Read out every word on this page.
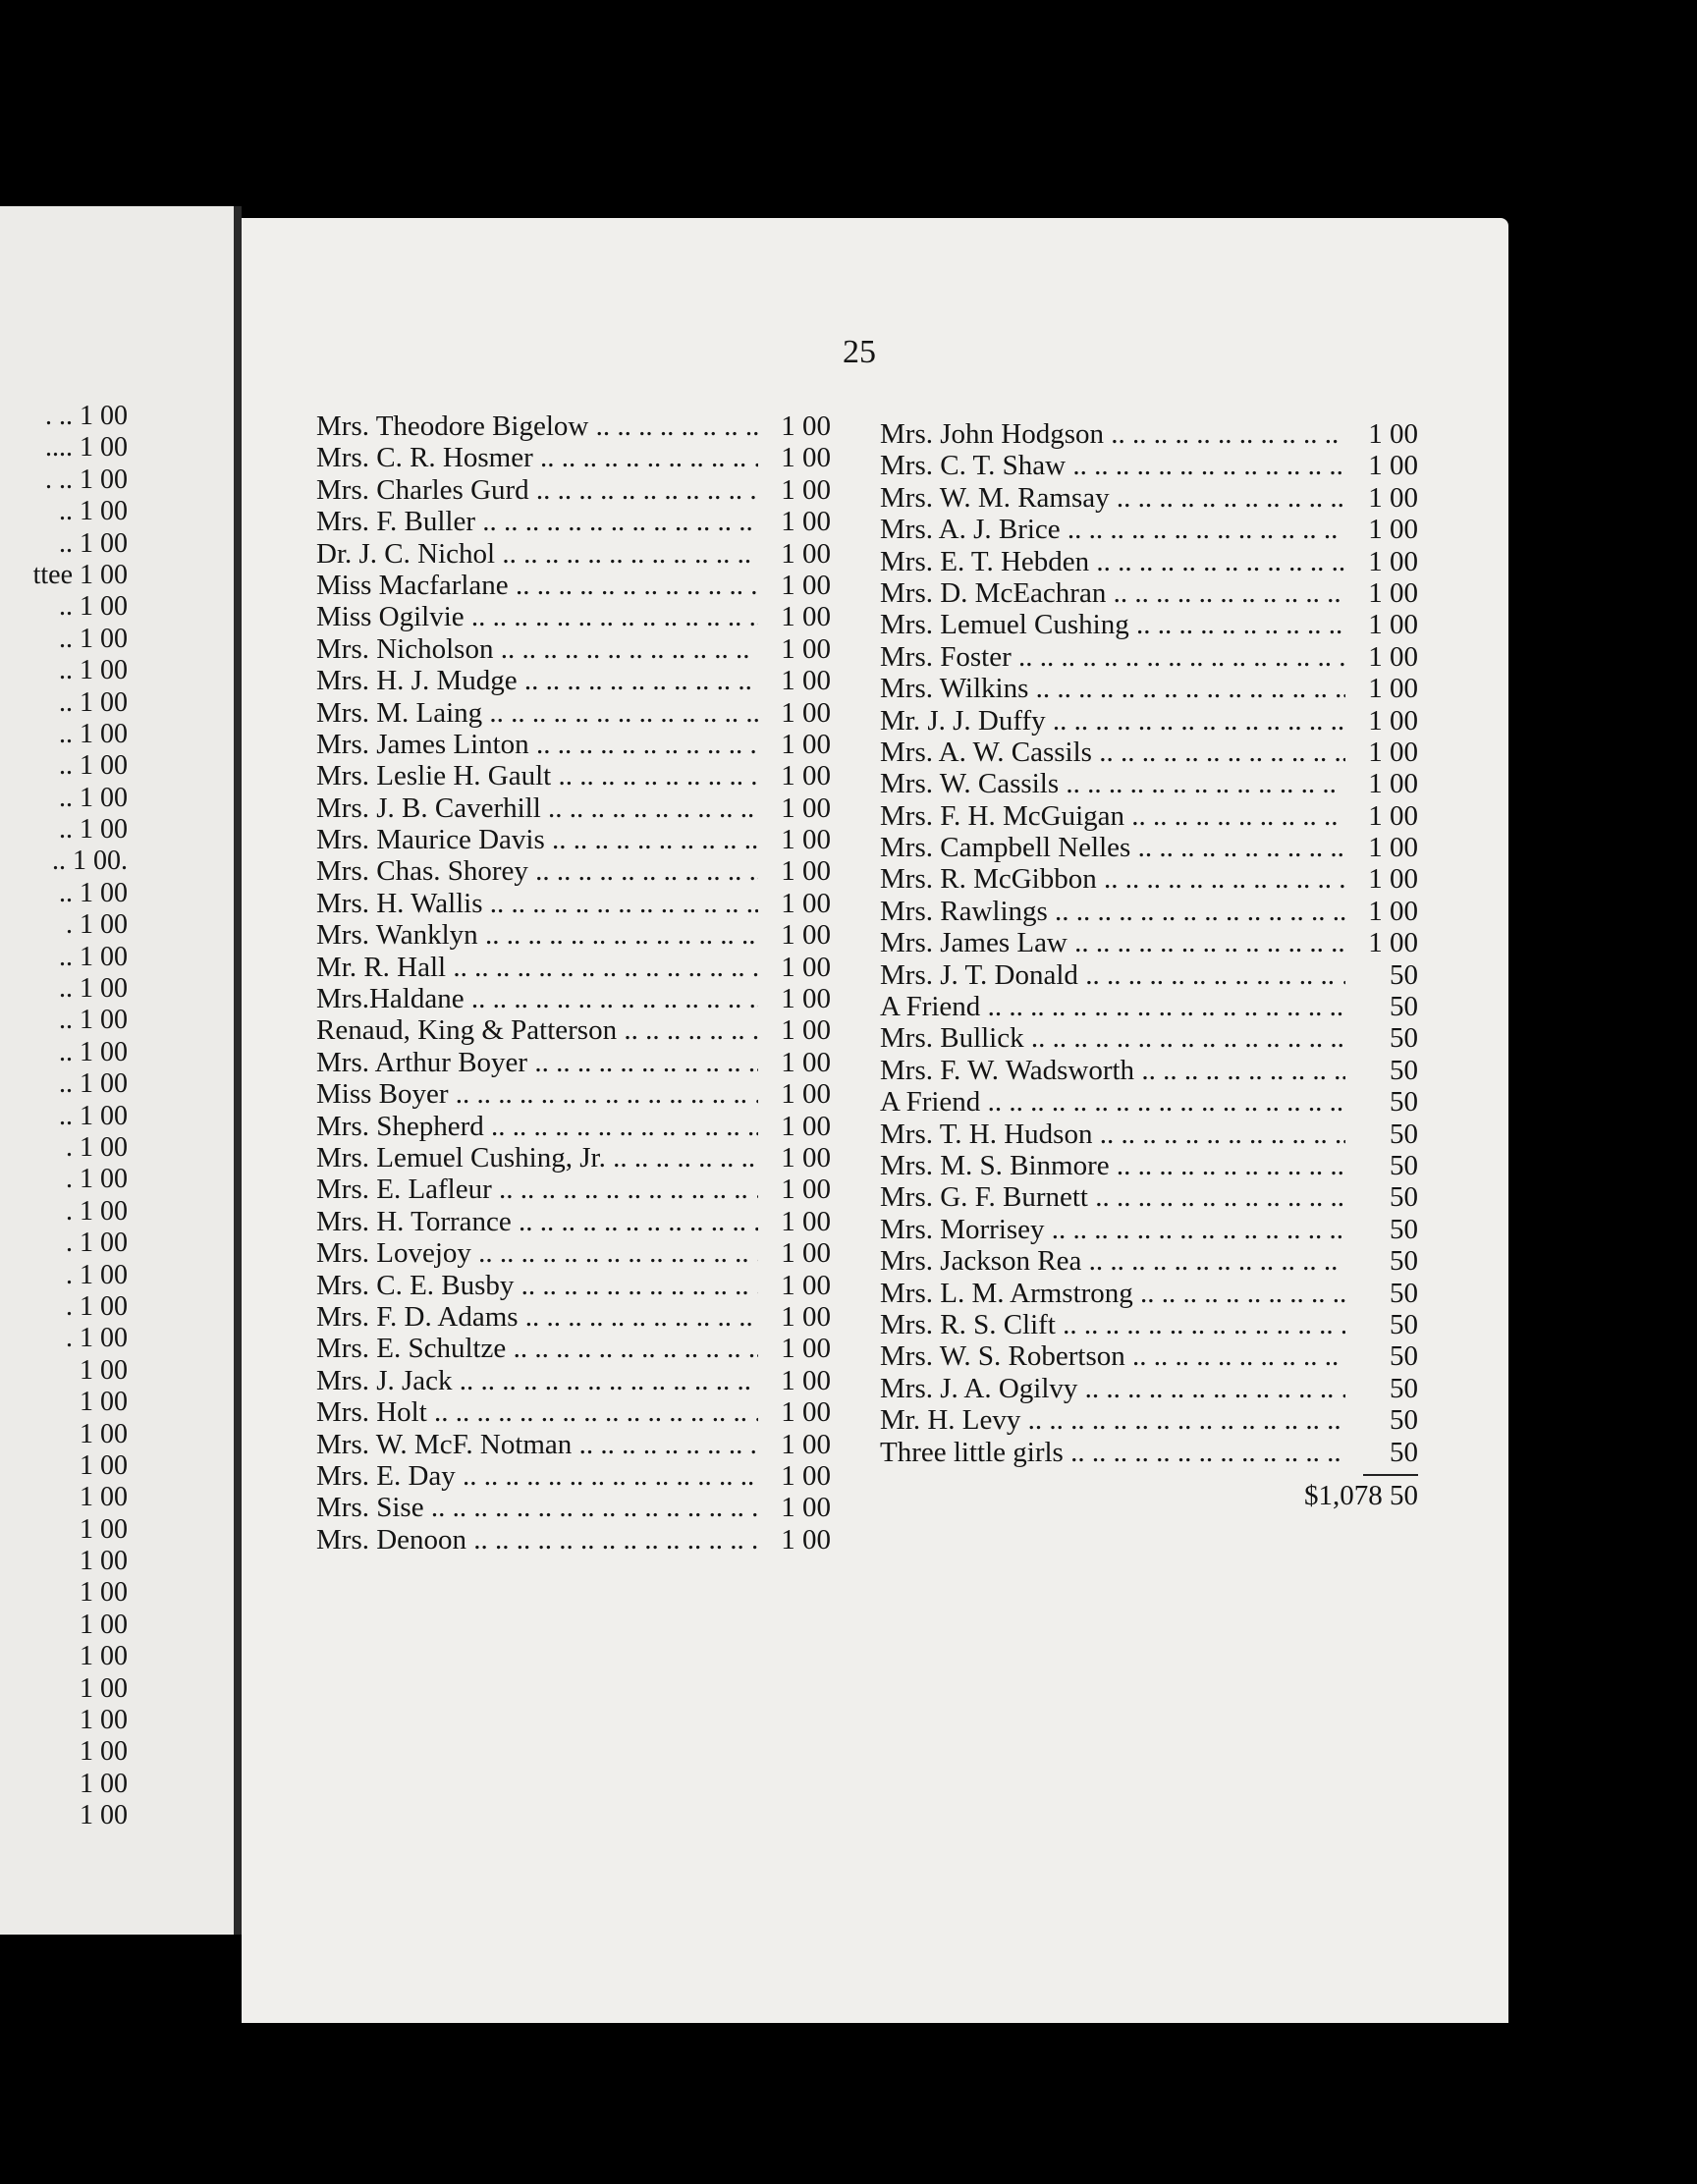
. .. 1 00
.... 1 00
. .. 1 00
.. 1 00
.. 1 00
ttee 1 00
.. 1 00
.. 1 00
.. 1 00
.. 1 00
.. 1 00
.. 1 00
.. 1 00
.. 1 00
.. 1 00.
.. 1 00
. 1 00
.. 1 00
.. 1 00
.. 1 00
.. 1 00
.. 1 00
.. 1 00
. 1 00
. 1 00
. 1 00
. 1 00
. 1 00
. 1 00
. 1 00
1 00
1 00
1 00
1 00
1 00
1 00
1 00
1 00
1 00
1 00
1 00
1 00
1 00
1 00
1 00
25
Mrs. Theodore Bigelow .. ..	1 00
Mrs. C. R. Hosmer .. ..	1 00
Mrs. Charles Gurd .. ..	1 00
Mrs. F. Buller .. ..	1 00
Dr. J. C. Nichol .. ..	1 00
Miss Macfarlane .. ..	1 00
Miss Ogilvie .. ..	1 00
Mrs. Nicholson .. ..	1 00
Mrs. H. J. Mudge .. ..	1 00
Mrs. M. Laing .. ..	1 00
Mrs. James Linton .. ..	1 00
Mrs. Leslie H. Gault .. ..	1 00
Mrs. J. B. Caverhill .. ..	1 00
Mrs. Maurice Davis .. ..	1 00
Mrs. Chas. Shorey .. ..	1 00
Mrs. H. Wallis .. ..	1 00
Mrs. Wanklyn .. ..	1 00
Mr. R. Hall .. ..	1 00
Mrs.Haldane .. ..	1 00
Renaud, King & Patterson .. ..	1 00
Mrs. Arthur Boyer .. ..	1 00
Miss Boyer .. ..	1 00
Mrs. Shepherd .. ..	1 00
Mrs. Lemuel Cushing, Jr. .. ..	1 00
Mrs. E. Lafleur .. ..	1 00
Mrs. H. Torrance .. ..	1 00
Mrs. Lovejoy .. ..	1 00
Mrs. C. E. Busby .. ..	1 00
Mrs. F. D. Adams .. ..	1 00
Mrs. E. Schultze .. ..	1 00
Mrs. J. Jack .. ..	1 00
Mrs. Holt .. ..	1 00
Mrs. W. McF. Notman .. ..	1 00
Mrs. E. Day .. ..	1 00
Mrs. Sise .. ..	1 00
Mrs. Denoon .. ..	1 00
Mrs. John Hodgson .. ..	1 00
Mrs. C. T. Shaw .. ..	1 00
Mrs. W. M. Ramsay .. ..	1 00
Mrs. A. J. Brice .. ..	1 00
Mrs. E. T. Hebden .. ..	1 00
Mrs. D. McEachran .. ..	1 00
Mrs. Lemuel Cushing .. ..	1 00
Mrs. Foster .. ..	1 00
Mrs. Wilkins .. ..	1 00
Mr. J. J. Duffy .. ..	1 00
Mrs. A. W. Cassils .. ..	1 00
Mrs. W. Cassils .. ..	1 00
Mrs. F. H. McGuigan .. ..	1 00
Mrs. Campbell Nelles .. ..	1 00
Mrs. R. McGibbon .. ..	1 00
Mrs. Rawlings .. ..	1 00
Mrs. James Law .. ..	1 00
Mrs. J. T. Donald .. ..	50
A Friend .. ..	50
Mrs. Bullick .. ..	50
Mrs. F. W. Wadsworth .. ..	50
A Friend .. ..	50
Mrs. T. H. Hudson .. ..	50
Mrs. M. S. Binmore .. ..	50
Mrs. G. F. Burnett .. ..	50
Mrs. Morrisey .. ..	50
Mrs. Jackson Rea .. ..	50
Mrs. L. M. Armstrong .. ..	50
Mrs. R. S. Clift .. ..	50
Mrs. W. S. Robertson .. ..	50
Mrs. J. A. Ogilvy .. ..	50
Mr. H. Levy .. ..	50
Three little girls .. ..	50
$1,078 50
